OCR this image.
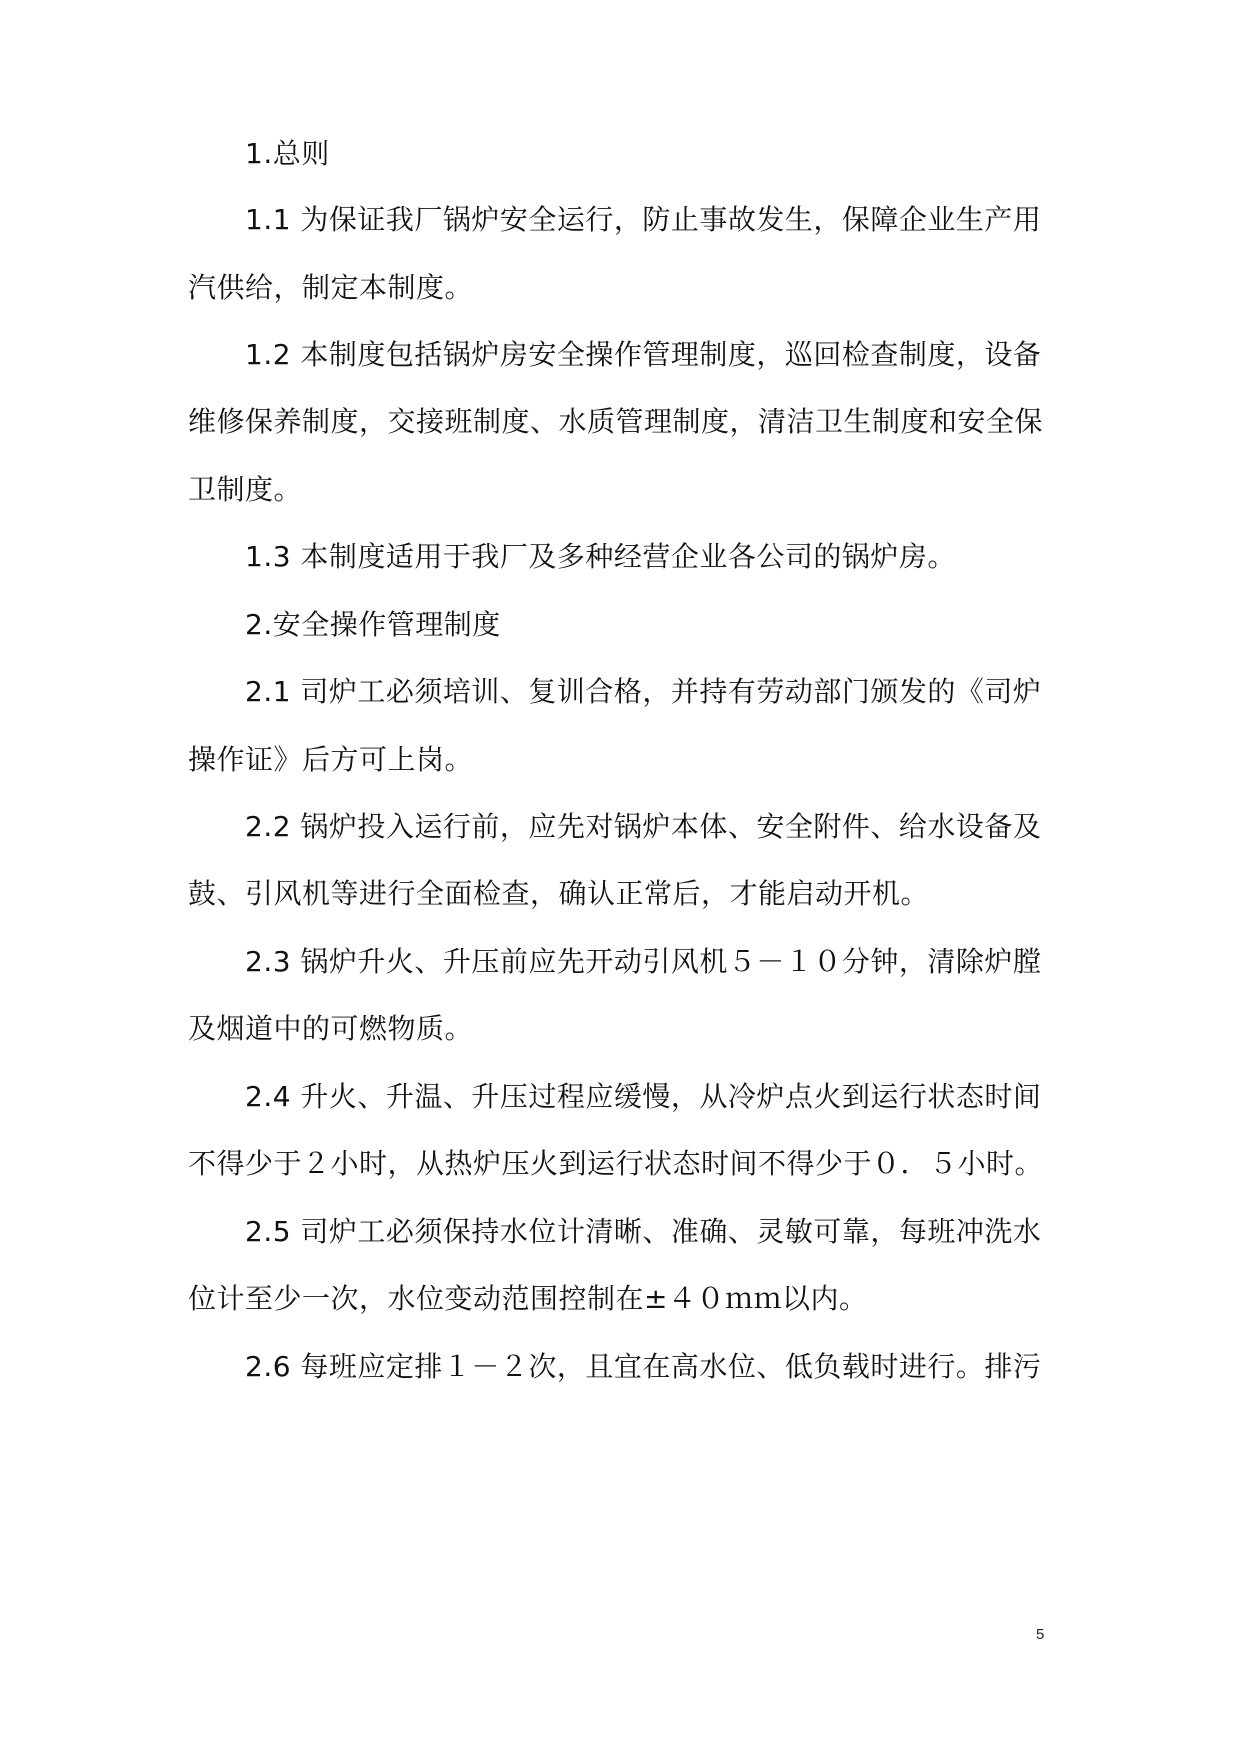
1.总则
1.1 为保证我厂锅炉安全运行，防止事故发生，保障企业生产用
汽供给，制定本制度。
1.2 本制度包括锅炉房安全操作管理制度，巡回检查制度，设备
维修保养制度，交接班制度、水质管理制度，清洁卫生制度和安全保
卫制度。
1.3 本制度适用于我厂及多种经营企业各公司的锅炉房。
2.安全操作管理制度
2.1 司炉工必须培训、复训合格，并持有劳动部门颁发的《司炉
操作证》后方可上岗。
2.2 锅炉投入运行前，应先对锅炉本体、安全附件、给水设备及
鼓、引风机等进行全面检查，确认正常后，才能启动开机。
2.3 锅炉升火、升压前应先开动引风机５－１０分钟，清除炉膛
及烟道中的可燃物质。
2.4 升火、升温、升压过程应缓慢，从冷炉点火到运行状态时间
不得少于２小时，从热炉压火到运行状态时间不得少于０．５小时。
2.5 司炉工必须保持水位计清晰、准确、灵敏可靠，每班冲洗水
位计至少一次，水位变动范围控制在±４０ｍｍ以内。
2.6 每班应定排１－２次，且宜在高水位、低负载时进行。排污
5
